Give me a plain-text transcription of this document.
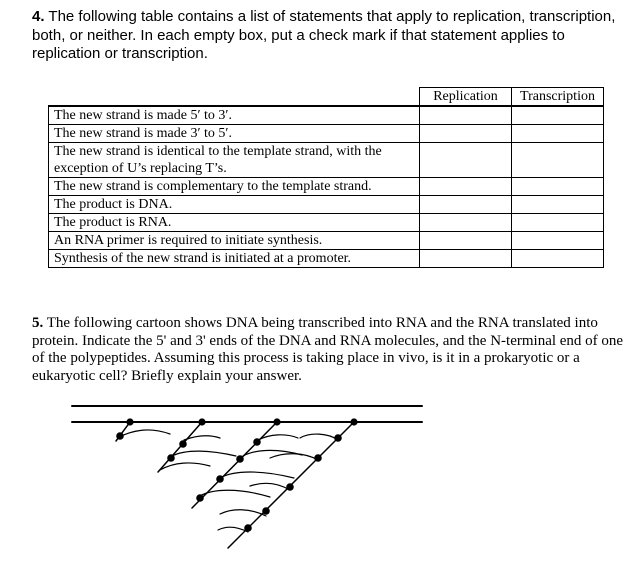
4. The following table contains a list of statements that apply to replication, transcription, both, or neither. In each empty box, put a check mark if that statement applies to replication or transcription.
	Replication	Transcription
The new strand is made 5′ to 3′.		
The new strand is made 3′ to 5′.		
The new strand is identical to the template strand, with the exception of U’s replacing T’s.		
The new strand is complementary to the template strand.		
The product is DNA.		
The product is RNA.		
An RNA primer is required to initiate synthesis.		
Synthesis of the new strand is initiated at a promoter.		
5. The following cartoon shows DNA being transcribed into RNA and the RNA translated into protein. Indicate the 5' and 3' ends of the DNA and RNA molecules, and the N-terminal end of one of the polypeptides. Assuming this process is taking place in vivo, is it in a prokaryotic or a eukaryotic cell? Briefly explain your answer.
